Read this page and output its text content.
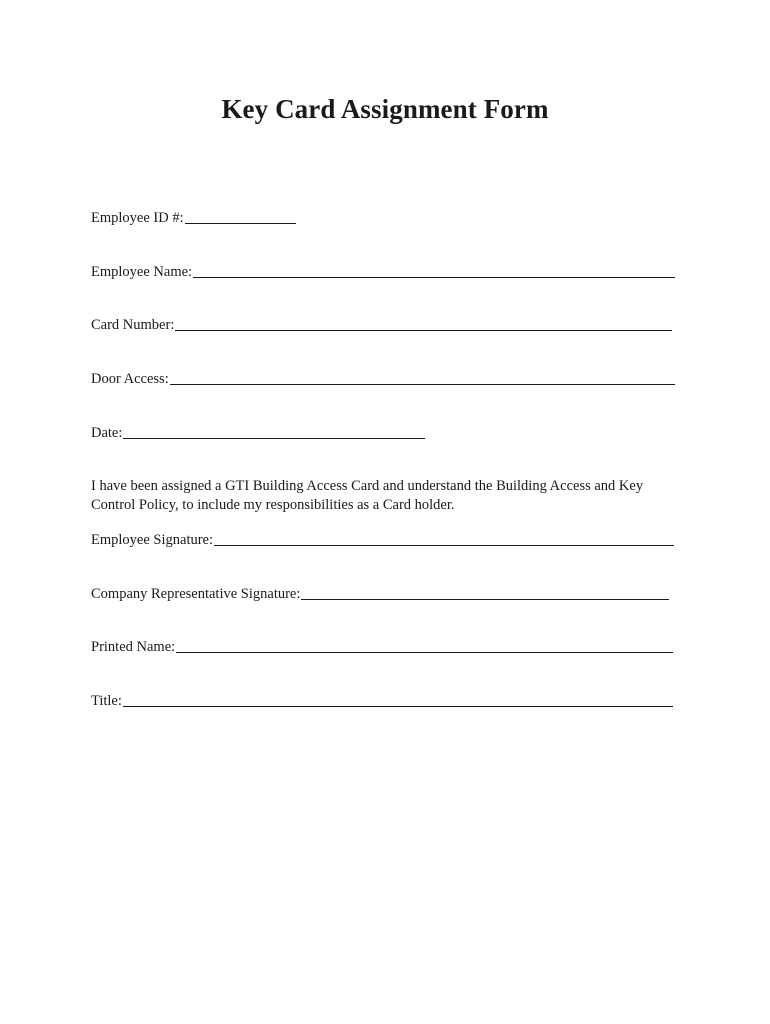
Key Card Assignment Form
Employee ID #:
Employee Name:
Card Number:
Door Access:
Date:
I have been assigned a GTI Building Access Card and understand the Building Access and Key Control Policy, to include my responsibilities as a Card holder.
Employee Signature:
Company Representative Signature:
Printed Name:
Title:
